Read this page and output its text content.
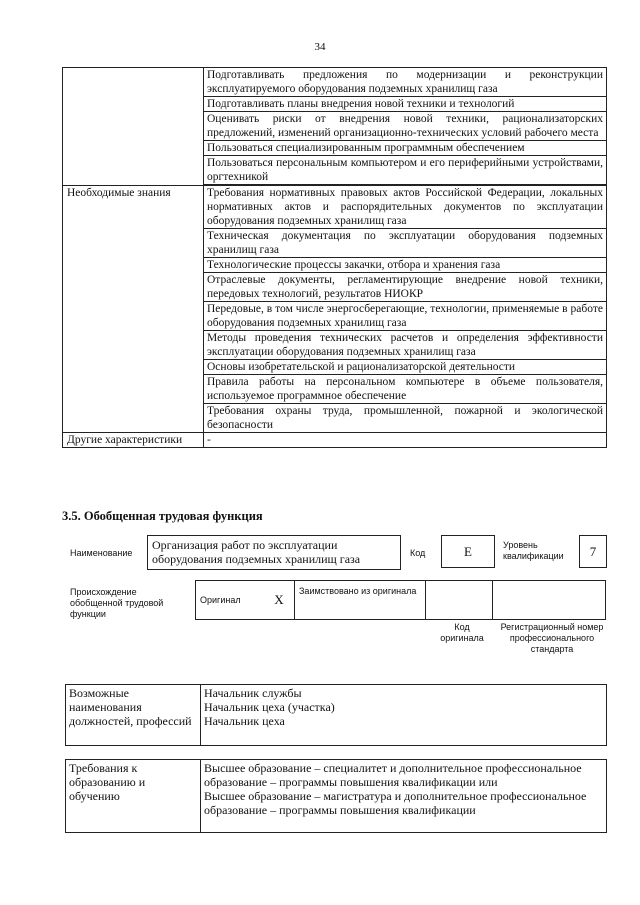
34
	Подготавливать предложения по модернизации и реконструкции эксплуатируемого оборудования подземных хранилищ газа
	Подготавливать планы внедрения новой техники и технологий
	Оценивать риски от внедрения новой техники, рационализаторских предложений, изменений организационно-технических условий рабочего места
	Пользоваться специализированным программным обеспечением
	Пользоваться персональным компьютером и его периферийными устройствами, оргтехникой
Необходимые знания	Требования нормативных правовых актов Российской Федерации, локальных нормативных актов и распорядительных документов по эксплуатации оборудования подземных хранилищ газа
	Техническая документация по эксплуатации оборудования подземных хранилищ газа
	Технологические процессы закачки, отбора и хранения газа
	Отраслевые документы, регламентирующие внедрение новой техники, передовых технологий, результатов НИОКР
	Передовые, в том числе энергосберегающие, технологии, применяемые в работе оборудования подземных хранилищ газа
	Методы проведения технических расчетов и определения эффективности эксплуатации оборудования подземных хранилищ газа
	Основы изобретательской и рационализаторской деятельности
	Правила работы на персональном компьютере в объеме пользователя, используемое программное обеспечение
	Требования охраны труда, промышленной, пожарной и экологической безопасности
Другие характеристики	-
3.5. Обобщенная трудовая функция
Наименование
Организация работ по эксплуатации оборудования подземных хранилищ газа	Код	E	Уровень квалификации	7
Происхождение обобщенной трудовой функции
Оригинал	X	Заимствовано из оригинала		
Код оригинала
Регистрационный номер профессионального стандарта
Возможные наименования должностей, профессий	
Начальник службы
Начальник цеха (участка)
Начальник цеха
Требования к образованию и обучению	
Высшее образование – специалитет и дополнительное профессиональное образование – программы повышения квалификации или
Высшее образование – магистратура и дополнительное профессиональное образование – программы повышения квалификации
